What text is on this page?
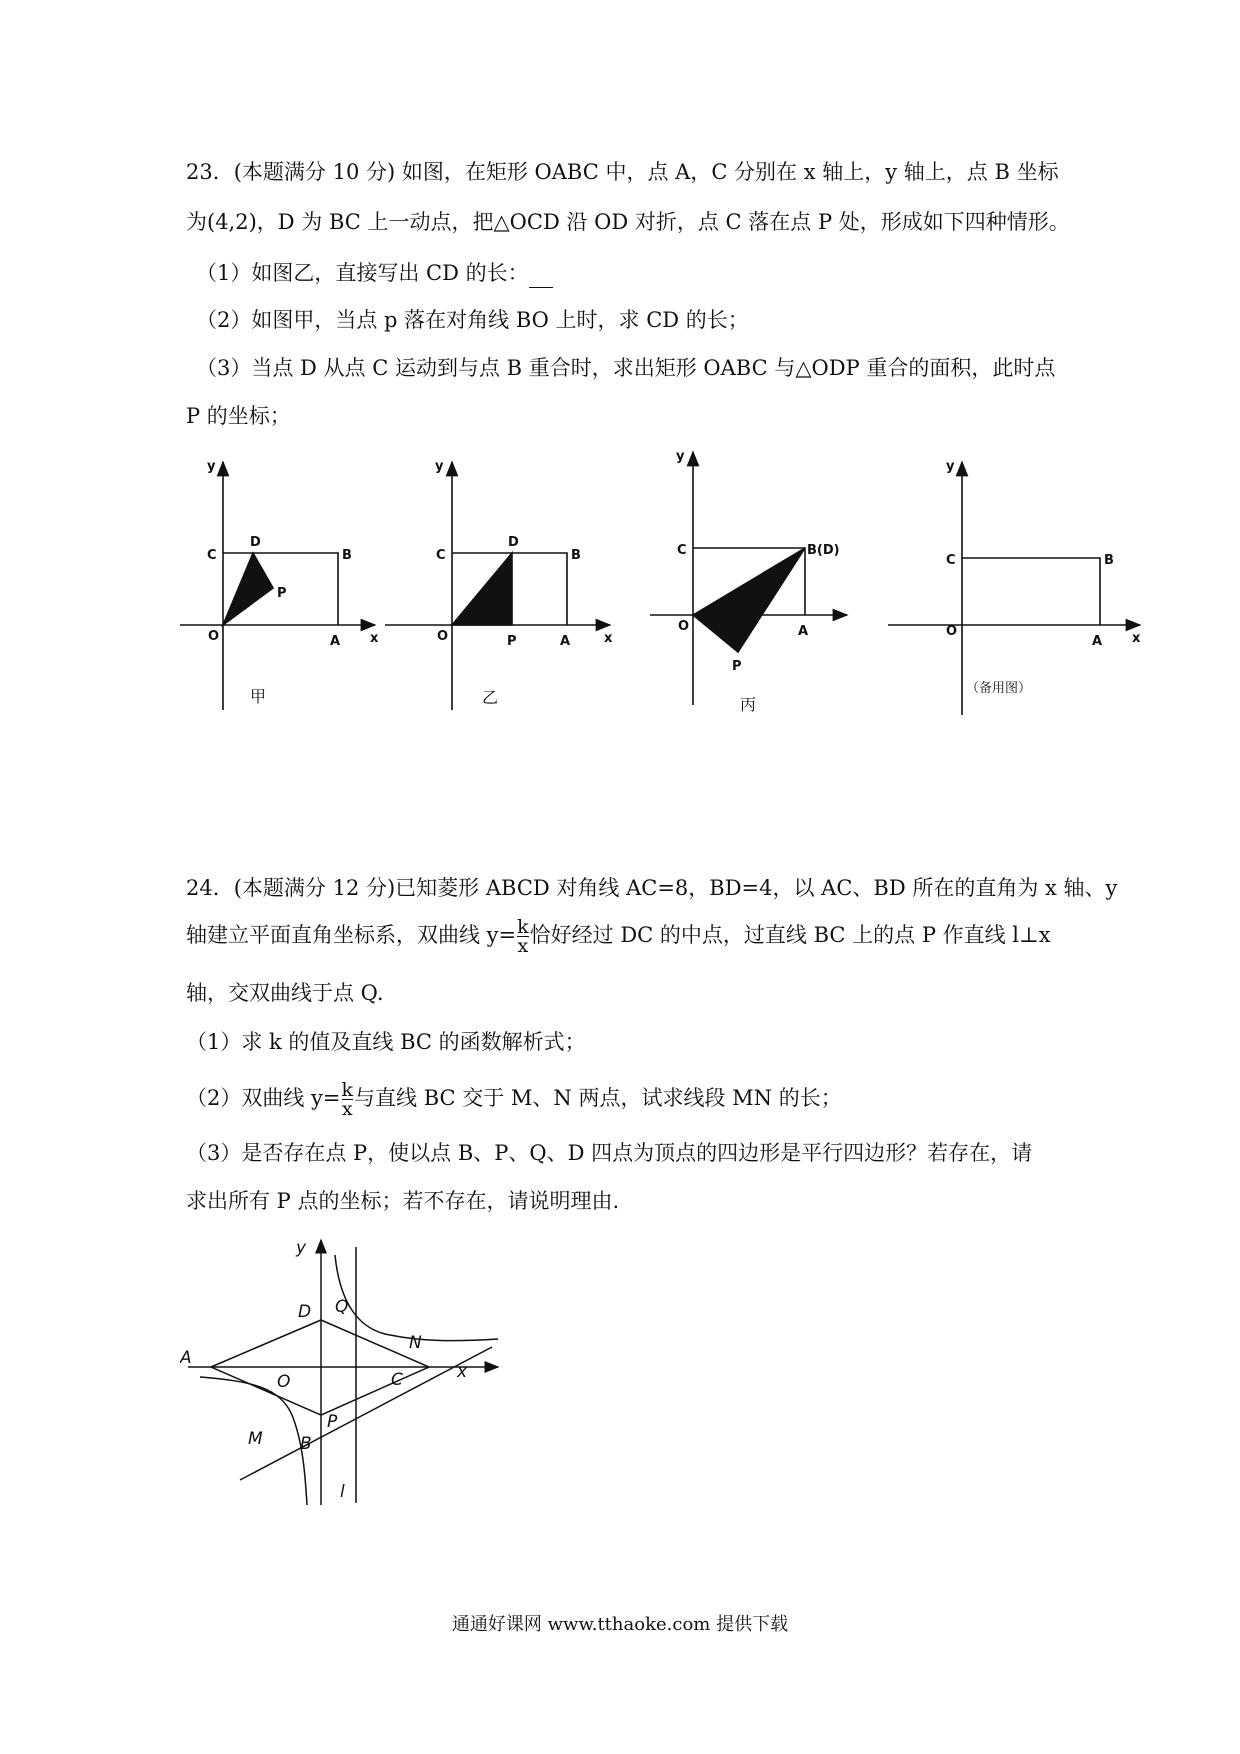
23．(本题满分 10 分) 如图，在矩形 OABC 中，点 A，C 分别在 x 轴上，y 轴上，点 B 坐标
为(4,2)，D 为 BC 上一动点，把△OCD 沿 OD 对折，点 C 落在点 P 处，形成如下四种情形。
（1）如图乙，直接写出 CD 的长：
（2）如图甲，当点 p 落在对角线 BO 上时，求 CD 的长；
（3）当点 D 从点 C 运动到与点 B 重合时，求出矩形 OABC 与△ODP 重合的面积，此时点
P 的坐标；
y
C
D
B
P
O	A x
y
C
D
B
O	P	A	x
y
C	B(D)
O	A
P
y
C	B
O
A x
甲	乙	丙
（备用图）
24．(本题满分 12 分)已知菱形 ABCD 对角线 AC=8，BD=4，以 AC、BD 所在的直角为 x 轴、y
轴建立平面直角坐标系，双曲线 $y= \frac{k}{x}$ 恰好经过 DC 的中点，过直线 BC 上的点 P 作直线 l⊥x
轴，交双曲线于点 Q.
（1）求 k 的值及直线 BC 的函数解析式；
（2）双曲线 $y= \frac{k}{x}$ 与直线 BC 交于 M、N 两点，试求线段 MN 的长；
（3）是否存在点 P，使以点 B、P、Q、D 四点为顶点的四边形是平行四边形？若存在，请
求出所有 P 点的坐标；若不存在，请说明理由.
y
x
A
D
O	C
Q
N
M B
P
l
通通好课网 www.tthaoke.com 提供下载
